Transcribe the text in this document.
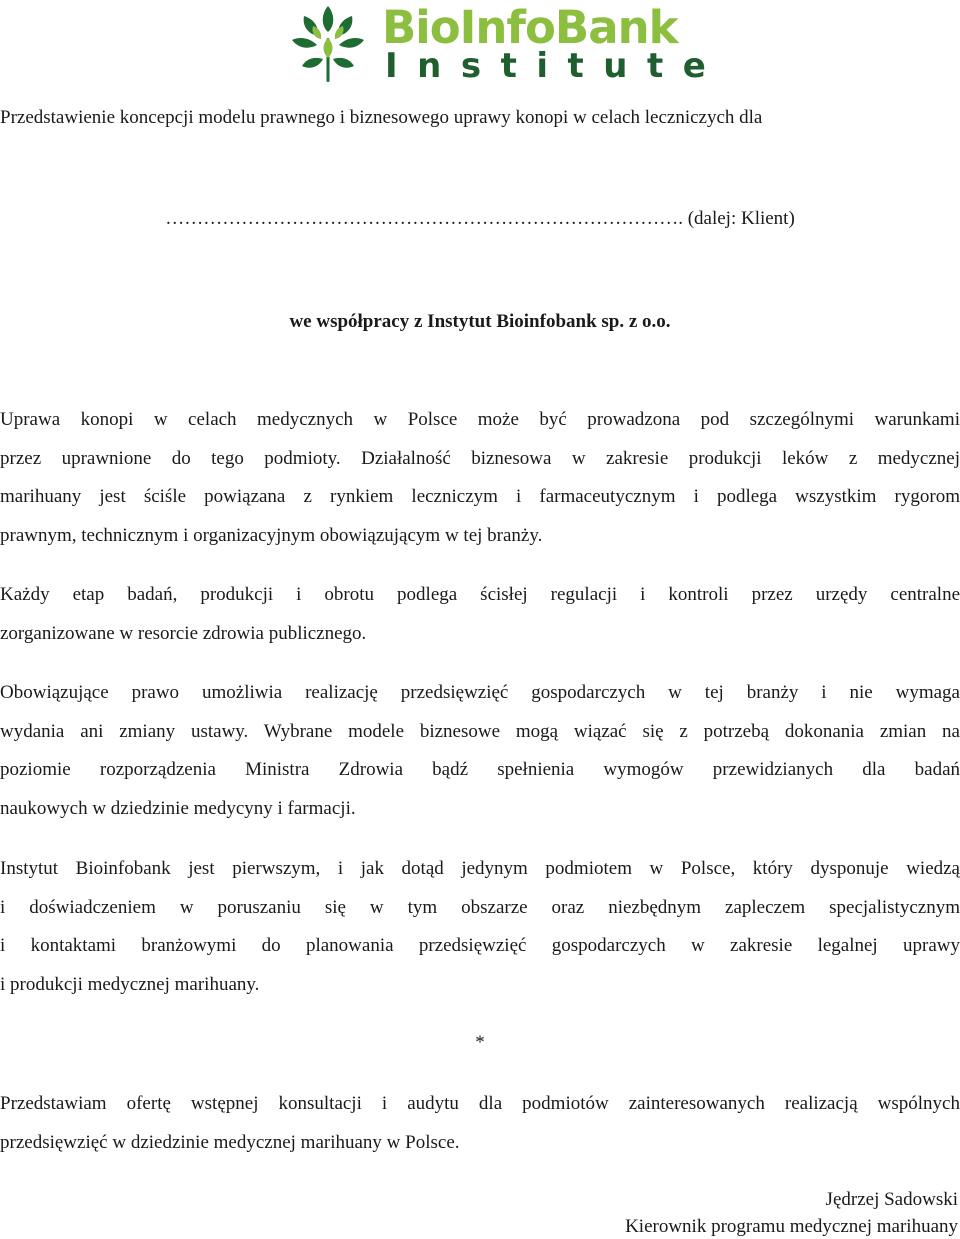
BioInfoBank
Institute
Przedstawienie koncepcji modelu prawnego i biznesowego uprawy konopi w celach leczniczych dla
………………………………………………………………………. (dalej: Klient)
we współpracy z Instytut Bioinfobank sp. z o.o.
Uprawa konopi w celach medycznych w Polsce może być prowadzona pod szczególnymi warunkami
przez uprawnione do tego podmioty. Działalność biznesowa w zakresie produkcji leków z medycznej
marihuany jest ściśle powiązana z rynkiem leczniczym i farmaceutycznym i podlega wszystkim rygorom
prawnym, technicznym i organizacyjnym obowiązującym w tej branży.
Każdy etap badań, produkcji i obrotu podlega ścisłej regulacji i kontroli przez urzędy centralne
zorganizowane w resorcie zdrowia publicznego.
Obowiązujące prawo umożliwia realizację przedsięwzięć gospodarczych w tej branży i nie wymaga
wydania ani zmiany ustawy. Wybrane modele biznesowe mogą wiązać się z potrzebą dokonania zmian na
poziomie rozporządzenia Ministra Zdrowia bądź spełnienia wymogów przewidzianych dla badań
naukowych w dziedzinie medycyny i farmacji.
Instytut Bioinfobank jest pierwszym, i jak dotąd jedynym podmiotem w Polsce, który dysponuje wiedzą
i doświadczeniem w poruszaniu się w tym obszarze oraz niezbędnym zapleczem specjalistycznym
i kontaktami branżowymi do planowania przedsięwzięć gospodarczych w zakresie legalnej uprawy
i produkcji medycznej marihuany.
*
Przedstawiam ofertę wstępnej konsultacji i audytu dla podmiotów zainteresowanych realizacją wspólnych
przedsięwzięć w dziedzinie medycznej marihuany w Polsce.
Jędrzej Sadowski
Kierownik programu medycznej marihuany
